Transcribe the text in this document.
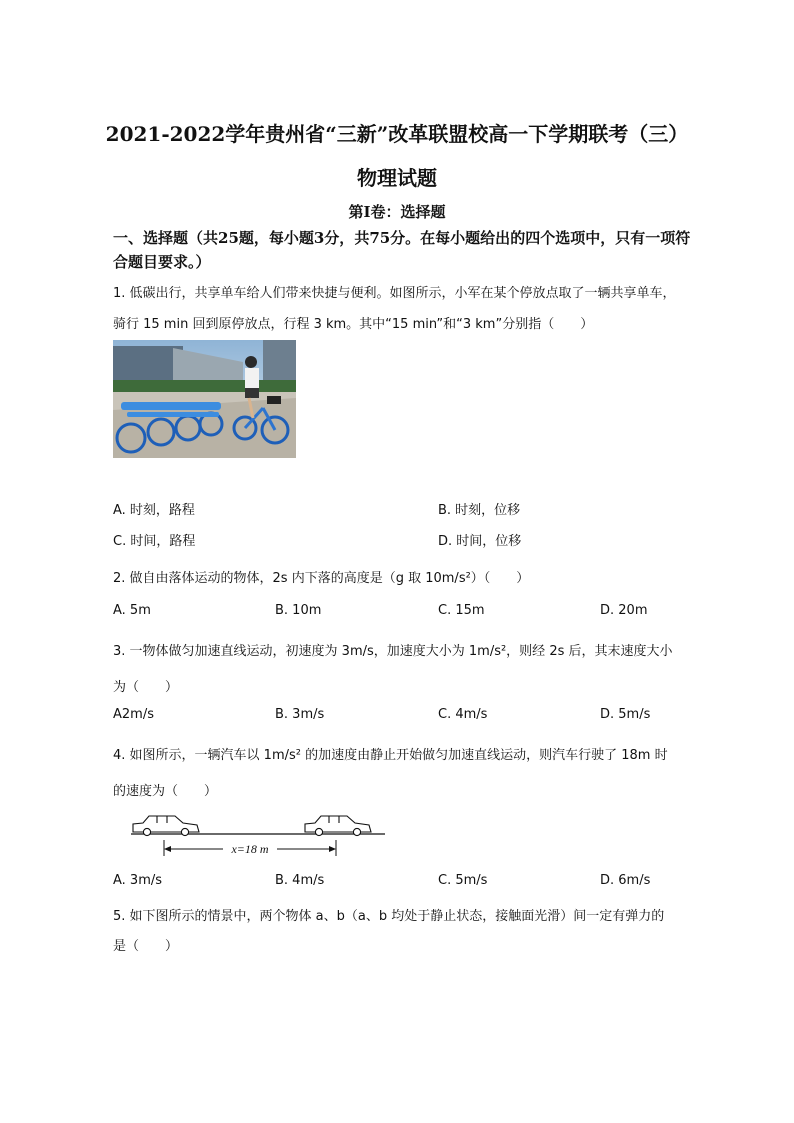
2021-2022学年贵州省“三新”改革联盟校高一下学期联考（三）
物理试题
第Ⅰ卷：选择题
一、选择题（共25题，每小题3分，共75分。在每小题给出的四个选项中，只有一项符合题目要求。）
1. 低碳出行，共享单车给人们带来快捷与便利。如图所示，小军在某个停放点取了一辆共享单车，
骑行 15 min 回到原停放点，行程 3 km。其中“15 min”和“3 km”分别指（　　）
A. 时刻，路程	B. 时刻，位移
C. 时间，路程	D. 时间，位移
2. 做自由落体运动的物体，2s 内下落的高度是（g 取 10m/s²）（　　）
A. 5m	B. 10m	C. 15m	D. 20m
3. 一物体做匀加速直线运动，初速度为 3m/s，加速度大小为 1m/s²，则经 2s 后，其末速度大小
为（　　）
A2m/s	B. 3m/s	C. 4m/s	D. 5m/s
4. 如图所示，一辆汽车以 1m/s² 的加速度由静止开始做匀加速直线运动，则汽车行驶了 18m 时
的速度为（　　）
x=18 m
A. 3m/s	B. 4m/s	C. 5m/s	D. 6m/s
5. 如下图所示的情景中，两个物体 a、b（a、b 均处于静止状态，接触面光滑）间一定有弹力的
是（　　）
